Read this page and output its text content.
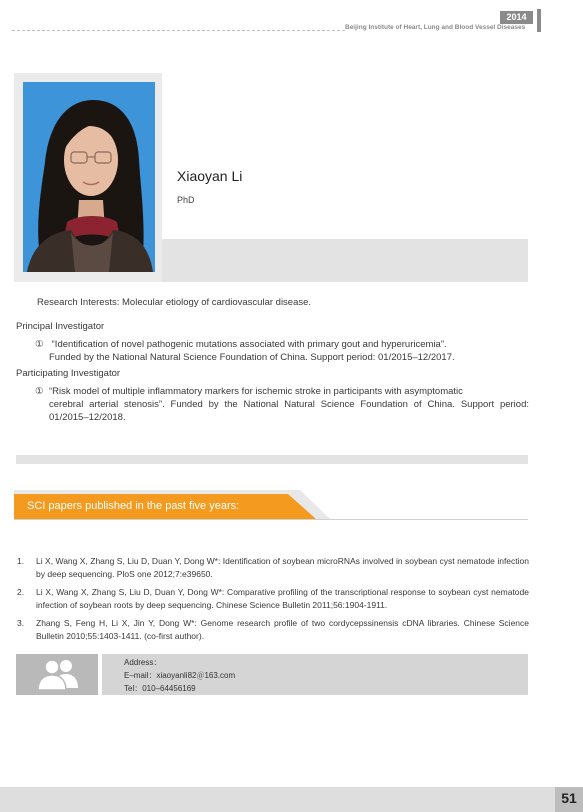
2014
Beijing Institute of Heart, Lung and Blood Vessel Diseases
Xiaoyan Li
PhD
Research Interests: Molecular etiology of cardiovascular disease.
Principal Investigator
① “Identification of novel pathogenic mutations associated with primary gout and hyperuricemia”.
Funded by the National Natural Science Foundation of China. Support period: 01/2015–12/2017.
Participating Investigator
① “Risk model of multiple inflammatory markers for ischemic stroke in participants with asymptomatic
cerebral arterial stenosis”. Funded by the National Natural Science Foundation of China. Support period: 01/2015–12/2018.
SCI papers published in the past five years:
1.	Li X, Wang X, Zhang S, Liu D, Duan Y, Dong W*: Identification of soybean microRNAs involved in soybean cyst nematode infection by deep sequencing. PloS one 2012;7:e39650.
2.	Li X, Wang X, Zhang S, Liu D, Duan Y, Dong W*: Comparative profiling of the transcriptional response to soybean cyst nematode infection of soybean roots by deep sequencing. Chinese Science Bulletin 2011;56:1904-1911.
3.	Zhang S, Feng H, Li X, Jin Y, Dong W*: Genome research profile of two cordycepssinensis cDNA libraries. Chinese Science Bulletin 2010;55:1403-1411. (co-first author).
Address：
E–mail：xiaoyanli82＠163.com
Tel：010–64456169
51
